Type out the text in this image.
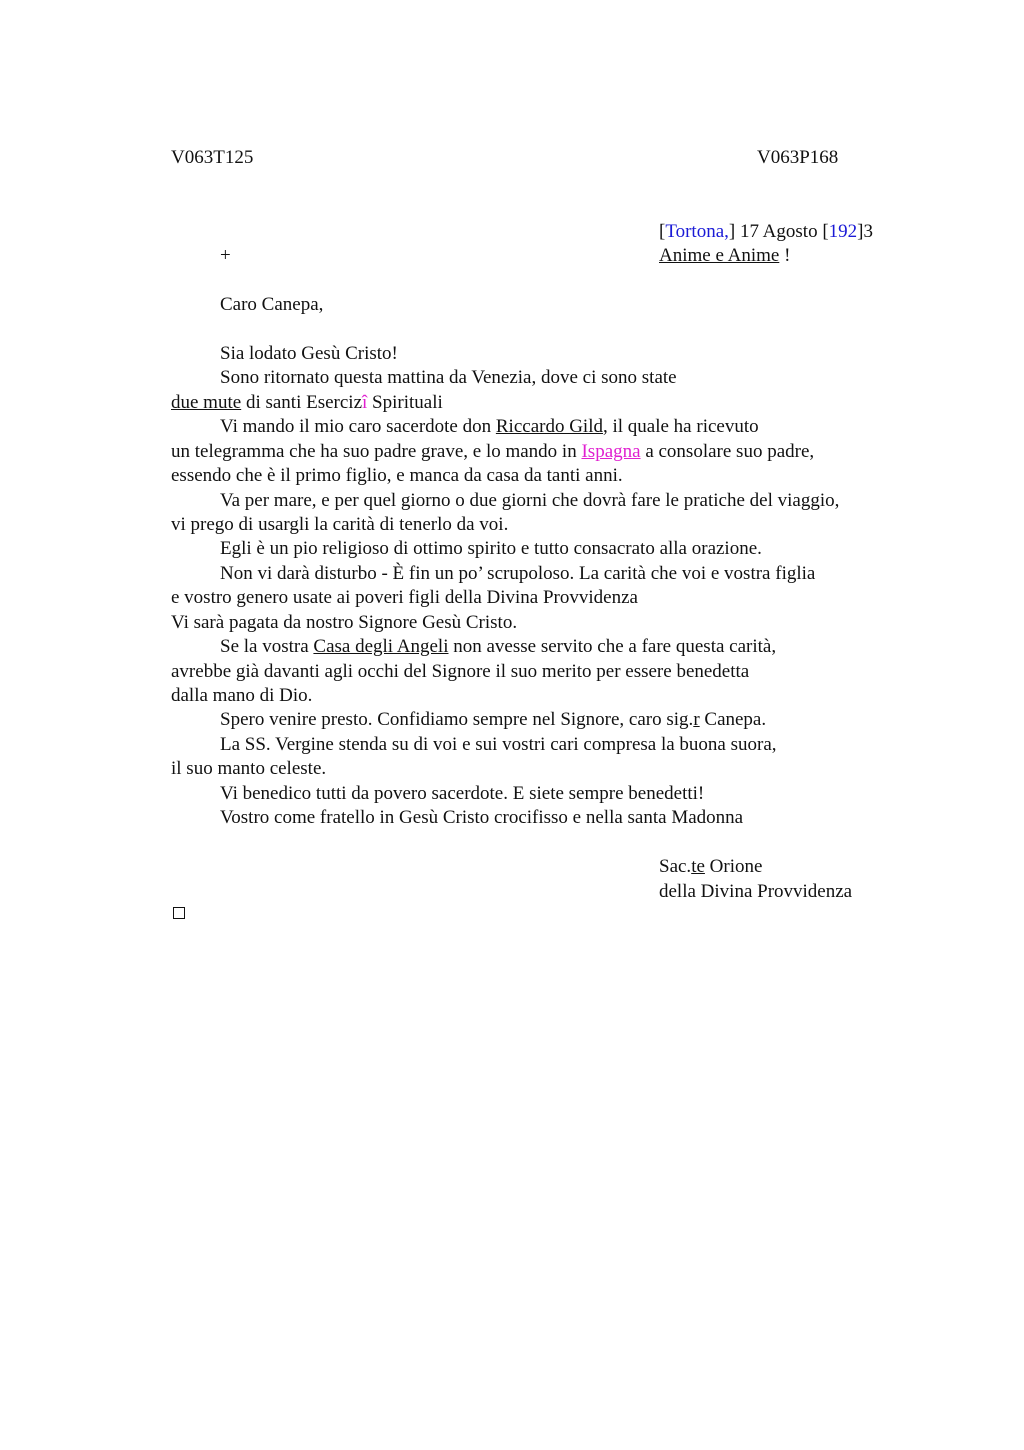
V063T125	V063P168
[Tortona,] 17 Agosto [192]3
+	Anime e Anime !
Caro Canepa,
Sia lodato Gesù Cristo!
Sono ritornato questa mattina da Venezia, dove ci sono state
due mute di santi Esercizî Spirituali
Vi mando il mio caro sacerdote don Riccardo Gild, il quale ha ricevuto
un telegramma che ha suo padre grave, e lo mando in Ispagna a consolare suo padre,
essendo che è il primo figlio, e manca da casa da tanti anni.
Va per mare, e per quel giorno o due giorni che dovrà fare le pratiche del viaggio,
vi prego di usargli la carità di tenerlo da voi.
Egli è un pio religioso di ottimo spirito e tutto consacrato alla orazione.
Non vi darà disturbo - È fin un po’ scrupoloso. La carità che voi e vostra figlia
e vostro genero usate ai poveri figli della Divina Provvidenza
Vi sarà pagata da nostro Signore Gesù Cristo.
Se la vostra Casa degli Angeli non avesse servito che a fare questa carità,
avrebbe già davanti agli occhi del Signore il suo merito per essere benedetta
dalla mano di Dio.
Spero venire presto. Confidiamo sempre nel Signore, caro sig.r Canepa.
La SS. Vergine stenda su di voi e sui vostri cari compresa la buona suora,
il suo manto celeste.
Vi benedico tutti da povero sacerdote. E siete sempre benedetti!
Vostro come fratello in Gesù Cristo crocifisso e nella santa Madonna
Sac.te Orione
della Divina Provvidenza
